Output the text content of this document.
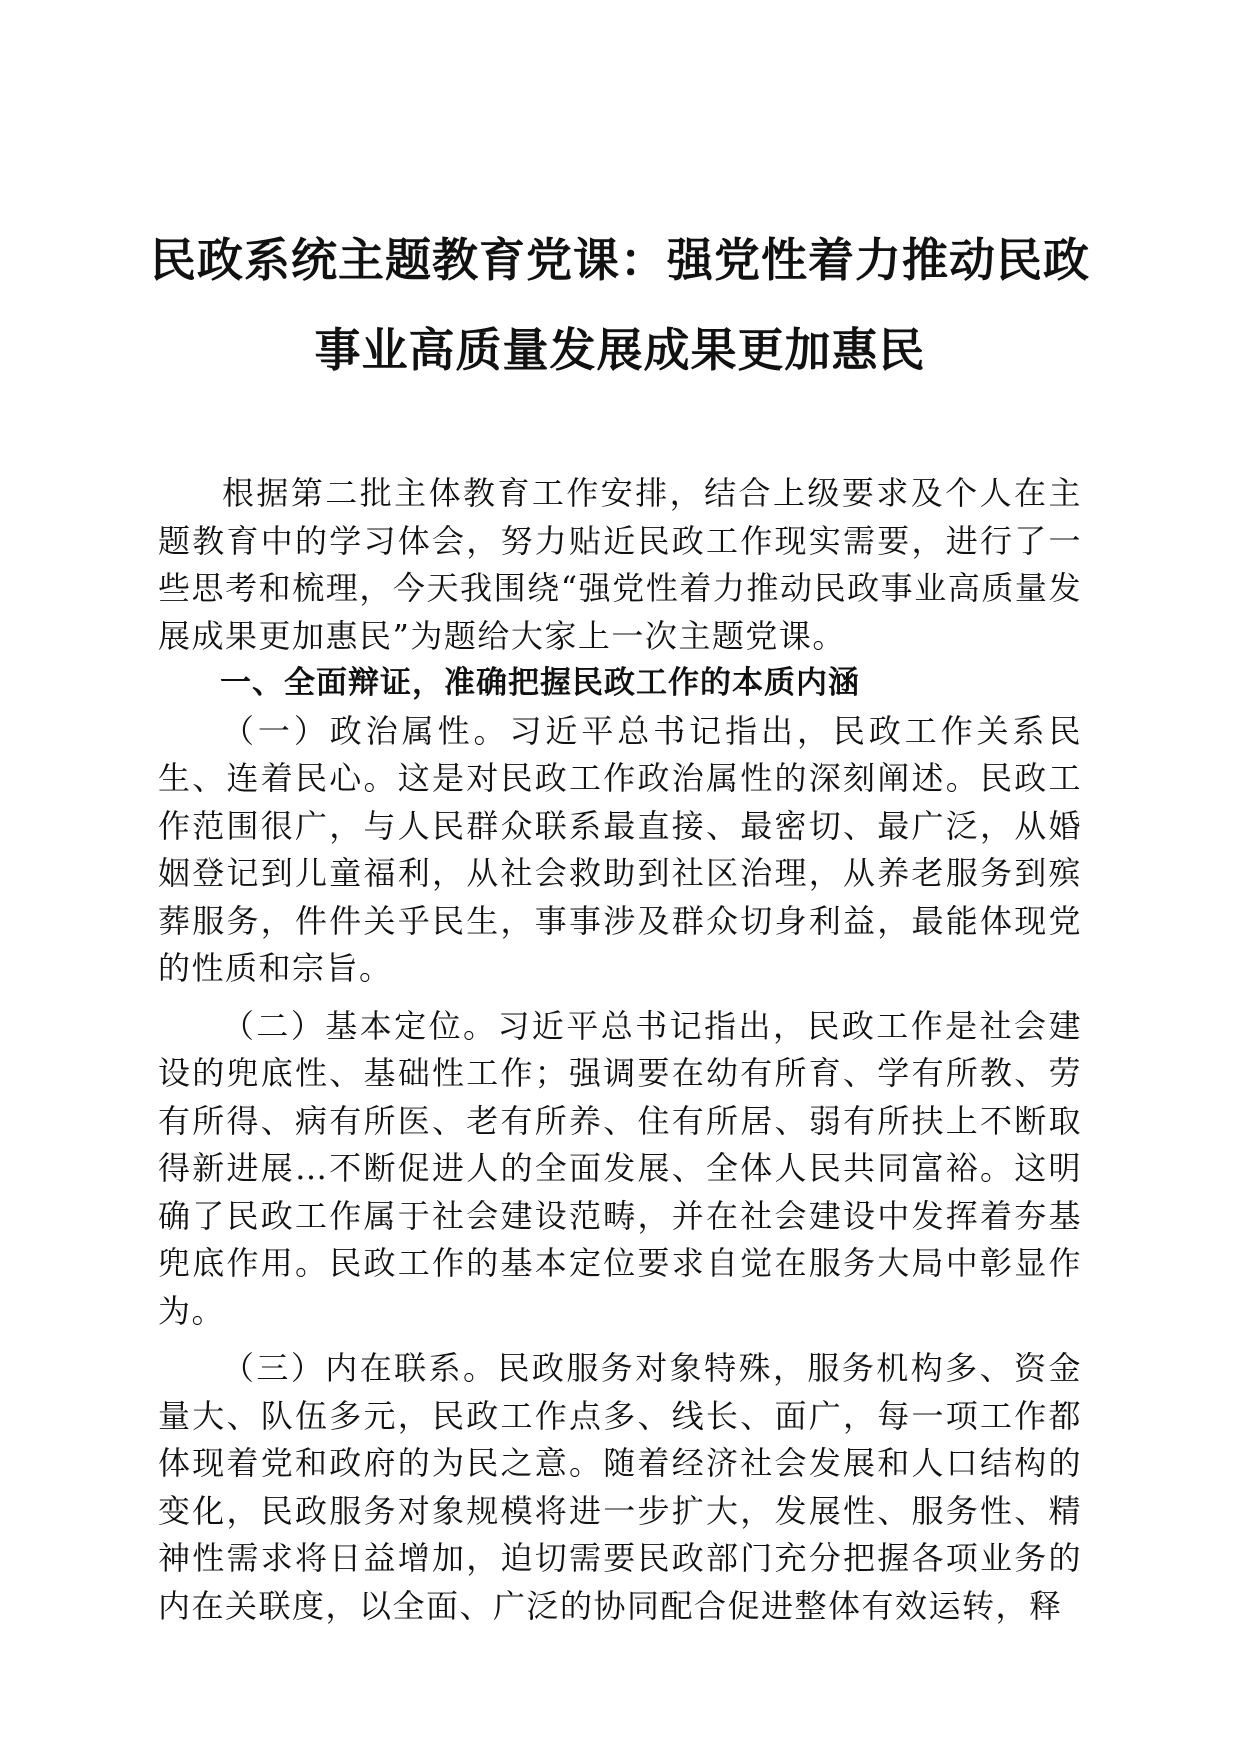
民政系统主题教育党课：强党性着力推动民政
事业高质量发展成果更加惠民

根据第二批主体教育工作安排，结合上级要求及个人在主题教育中的学习体会，努力贴近民政工作现实需要，进行了一些思考和梳理，今天我围绕“强党性着力推动民政事业高质量发展成果更加惠民”为题给大家上一次主题党课。

一、全面辩证，准确把握民政工作的本质内涵

（一）政治属性。习近平总书记指出，民政工作关系民生、连着民心。这是对民政工作政治属性的深刻阐述。民政工作范围很广，与人民群众联系最直接、最密切、最广泛，从婚姻登记到儿童福利，从社会救助到社区治理，从养老服务到殡葬服务，件件关乎民生，事事涉及群众切身利益，最能体现党的性质和宗旨。

（二）基本定位。习近平总书记指出，民政工作是社会建设的兜底性、基础性工作；强调要在幼有所育、学有所教、劳有所得、病有所医、老有所养、住有所居、弱有所扶上不断取得新进展…不断促进人的全面发展、全体人民共同富裕。这明确了民政工作属于社会建设范畴，并在社会建设中发挥着夯基兜底作用。民政工作的基本定位要求自觉在服务大局中彰显作为。

（三）内在联系。民政服务对象特殊，服务机构多、资金量大、队伍多元，民政工作点多、线长、面广，每一项工作都体现着党和政府的为民之意。随着经济社会发展和人口结构的变化，民政服务对象规模将进一步扩大，发展性、服务性、精神性需求将日益增加，迫切需要民政部门充分把握各项业务的内在关联度，以全面、广泛的协同配合促进整体有效运转，释
